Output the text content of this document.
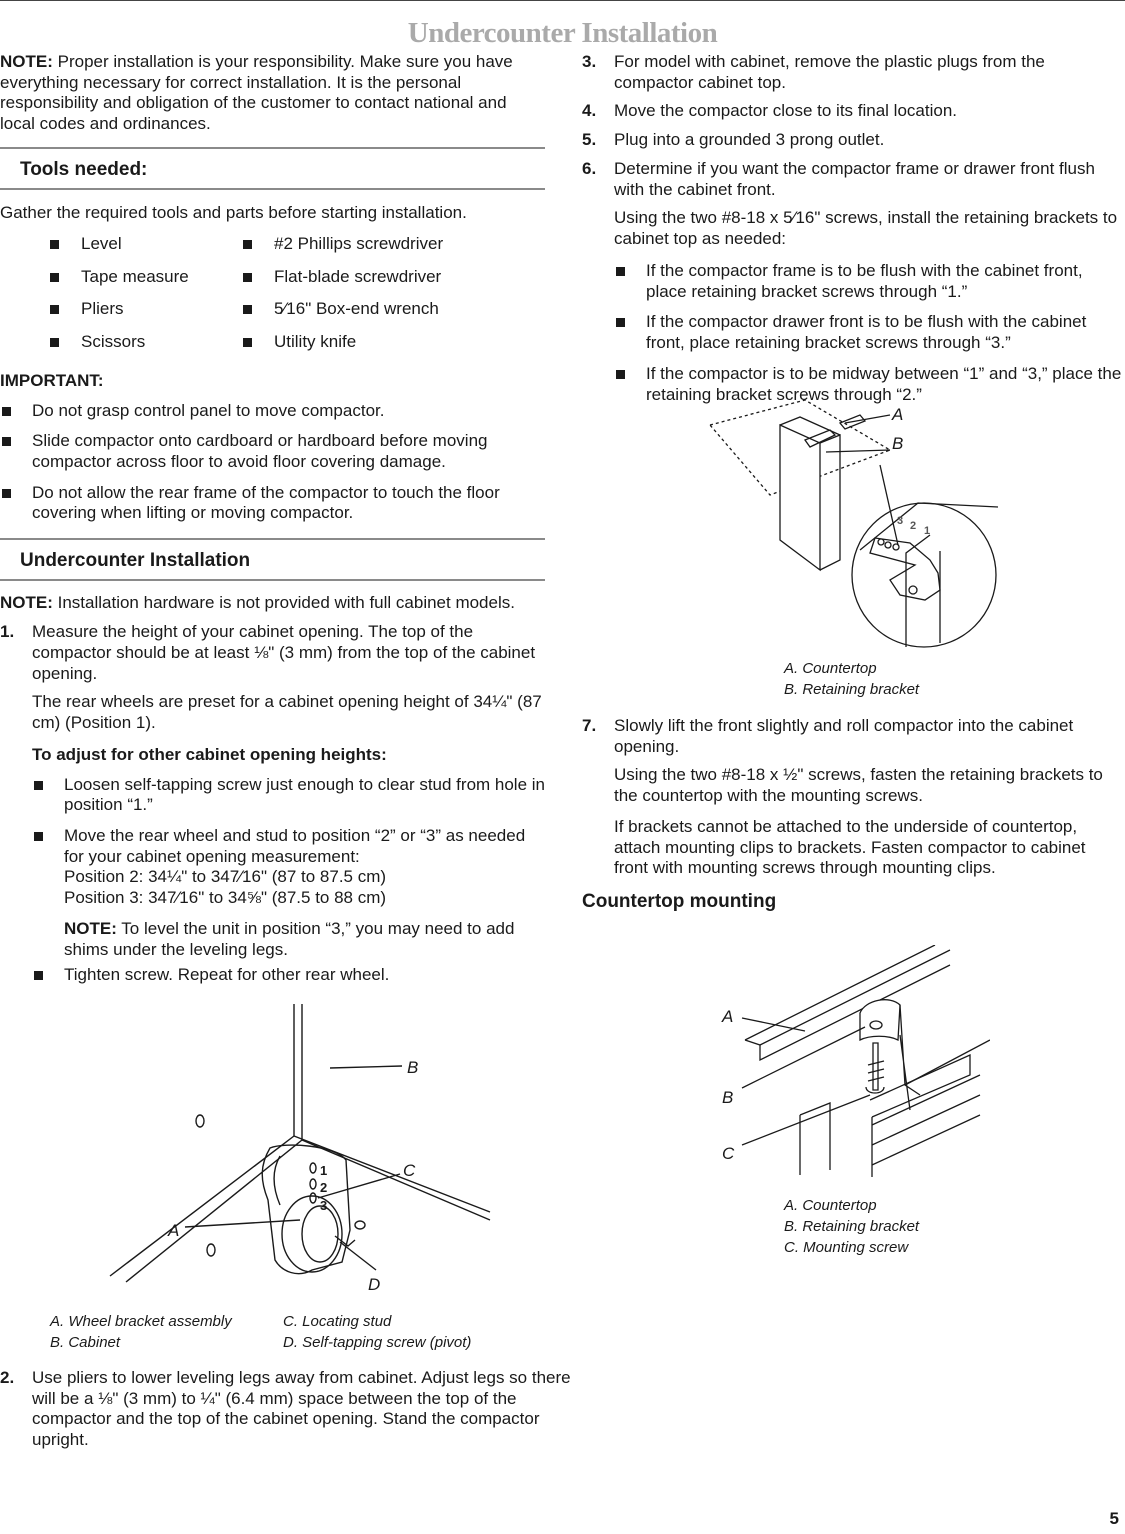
Undercounter Installation

NOTE: Proper installation is your responsibility. Make sure you have everything necessary for correct installation. It is the personal responsibility and obligation of the customer to contact national and local codes and ordinances.

Tools needed:

Gather the required tools and parts before starting installation.

Level	#2 Phillips screwdriver
Tape measure	Flat-blade screwdriver
Pliers	5⁄16" Box-end wrench
Scissors	Utility knife

IMPORTANT:

Do not grasp control panel to move compactor.
Slide compactor onto cardboard or hardboard before moving compactor across floor to avoid floor covering damage.
Do not allow the rear frame of the compactor to touch the floor covering when lifting or moving compactor.
Undercounter Installation

NOTE: Installation hardware is not provided with full cabinet models.

1. Measure the height of your cabinet opening. The top of the compactor should be at least ⅛" (3 mm) from the top of the cabinet opening.

The rear wheels are preset for a cabinet opening height of 34¼" (87 cm) (Position 1).

To adjust for other cabinet opening heights:

Loosen self-tapping screw just enough to clear stud from hole in position “1.”
Move the rear wheel and stud to position “2” or “3” as needed for your cabinet opening measurement:
Position 2: 34¼" to 347⁄16" (87 to 87.5 cm)
Position 3: 347⁄16" to 34⅝" (87.5 to 88 cm)

NOTE: To level the unit in position “3,” you may need to add shims under the leveling legs.

Tighten screw. Repeat for other rear wheel.
B
C
A
D
1
2
3
A. Wheel bracket assembly	C. Locating stud
B. Cabinet	D. Self-tapping screw (pivot)
2. Use pliers to lower leveling legs away from cabinet. Adjust legs so there will be a ⅛" (3 mm) to ¼" (6.4 mm) space between the top of the compactor and the top of the cabinet opening. Stand the compactor upright.
3. For model with cabinet, remove the plastic plugs from the compactor cabinet top.
4. Move the compactor close to its final location.
5. Plug into a grounded 3 prong outlet.
6. Determine if you want the compactor frame or drawer front flush with the cabinet front.

Using the two #8-18 x 5⁄16" screws, install the retaining brackets to cabinet top as needed:

If the compactor frame is to be flush with the cabinet front, place retaining bracket screws through “1.”
If the compactor drawer front is to be flush with the cabinet front, place retaining bracket screws through “3.”
If the compactor is to be midway between “1” and “3,” place the retaining bracket screws through “2.”
A
B
3 2 1
A. Countertop
B. Retaining bracket
7. Slowly lift the front slightly and roll compactor into the cabinet opening.

Using the two #8-18 x ½" screws, fasten the retaining brackets to the countertop with the mounting screws.

If brackets cannot be attached to the underside of countertop, attach mounting clips to brackets. Fasten compactor to cabinet front with mounting screws through mounting clips.

Countertop mounting

A
B
C
A. Countertop
B. Retaining bracket
C. Mounting screw
5
